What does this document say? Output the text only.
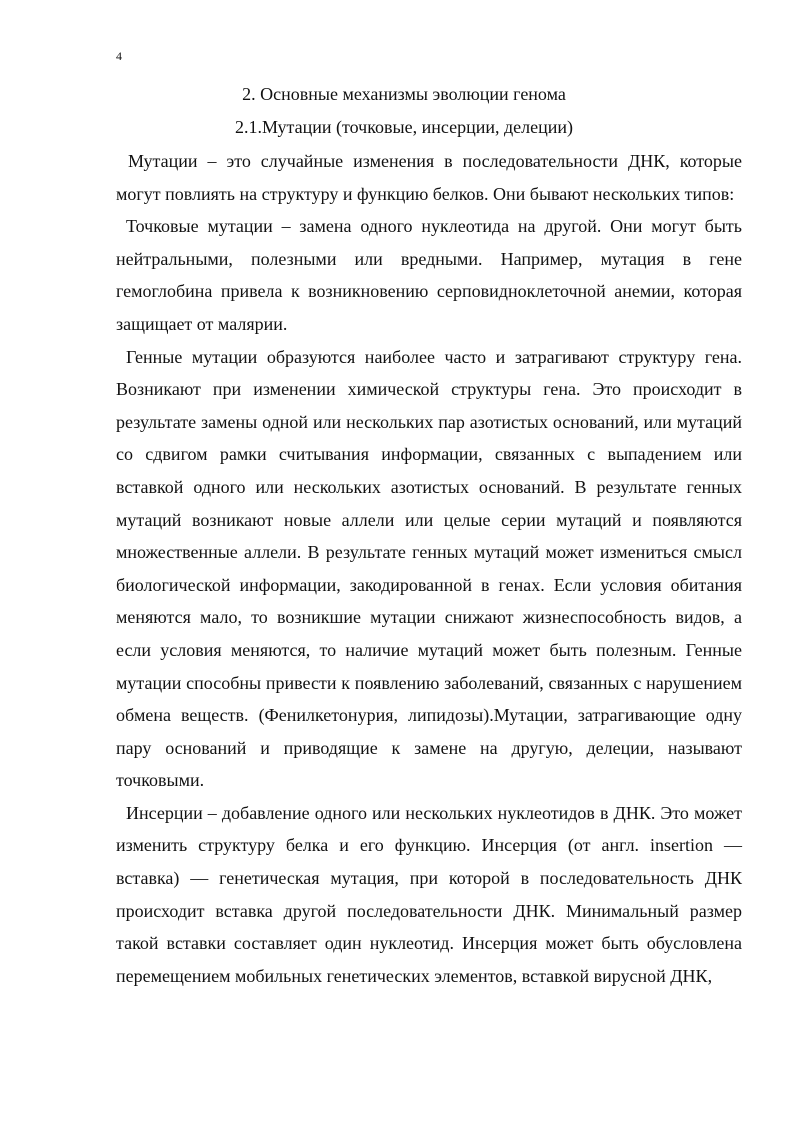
4
2. Основные механизмы эволюции генома
2.1.Мутации (точковые, инсерции, делеции)

Мутации – это случайные изменения в последовательности ДНК, которые могут повлиять на структуру и функцию белков. Они бывают нескольких типов:

Точковые мутации – замена одного нуклеотида на другой. Они могут быть нейтральными, полезными или вредными. Например, мутация в гене гемоглобина привела к возникновению серповидноклеточной анемии, которая защищает от малярии.

Генные мутации образуются наиболее часто и затрагивают структуру гена. Возникают при изменении химической структуры гена. Это происходит в результате замены одной или нескольких пар азотистых оснований, или мутаций со сдвигом рамки считывания информации, связанных с выпадением или вставкой одного или нескольких азотистых оснований. В результате генных мутаций возникают новые аллели или целые серии мутаций и появляются множественные аллели. В результате генных мутаций может измениться смысл биологической информации, закодированной в генах. Если условия обитания меняются мало, то возникшие мутации снижают жизнеспособность видов, а если условия меняются, то наличие мутаций может быть полезным. Генные мутации способны привести к появлению заболеваний, связанных с нарушением обмена веществ. (Фенилкетонурия, липидозы).Мутации, затрагивающие одну пару оснований и приводящие к замене на другую, делеции, называют точковыми.

Инсерции – добавление одного или нескольких нуклеотидов в ДНК. Это может изменить структуру белка и его функцию. Инсерция (от англ. insertion — вставка) — генетическая мутация, при которой в последовательность ДНК происходит вставка другой последовательности ДНК. Минимальный размер такой вставки составляет один нуклеотид. Инсерция может быть обусловлена перемещением мобильных генетических элементов, вставкой вирусной ДНК,
